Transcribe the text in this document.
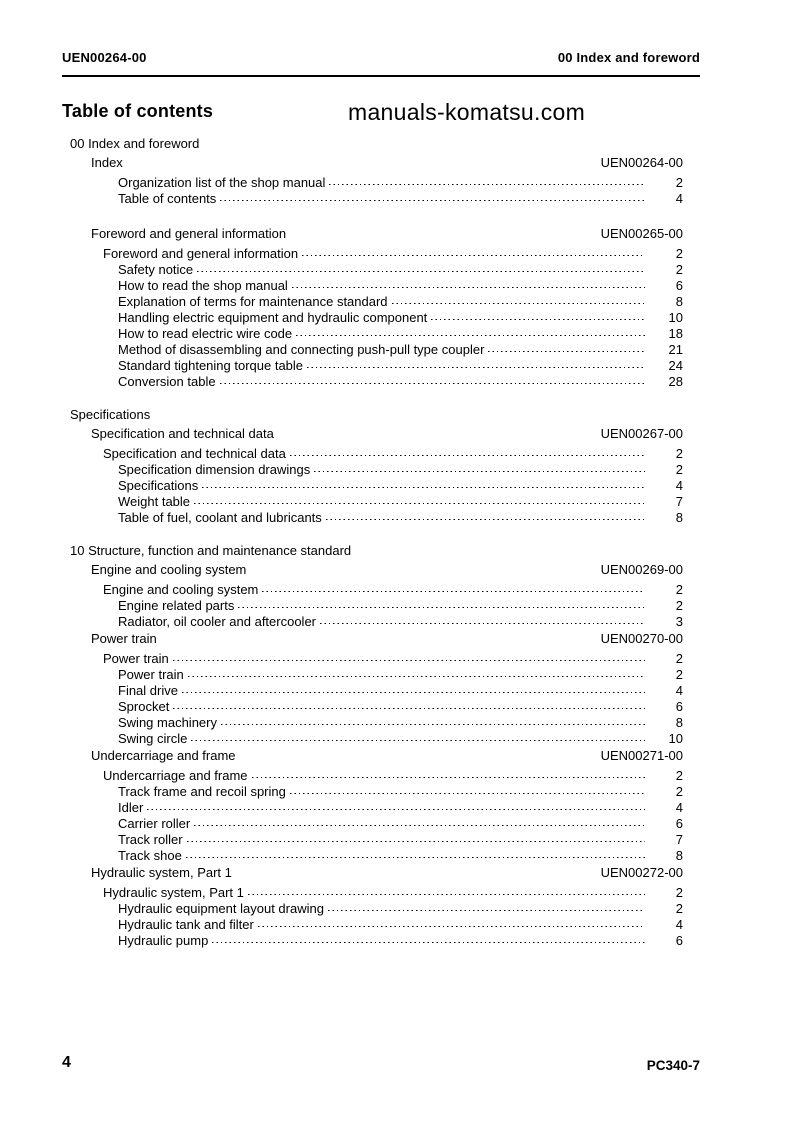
UEN00264-00	00 Index and foreword
Table of contents	manuals-komatsu.com
00 Index and foreword
Index	UEN00264-00
Organization list of the shop manual	2
Table of contents	4
Foreword and general information	UEN00265-00
Foreword and general information	2
Safety notice	2
How to read the shop manual	6
Explanation of terms for maintenance standard	8
Handling electric equipment and hydraulic component	10
How to read electric wire code	18
Method of disassembling and connecting push-pull type coupler	21
Standard tightening torque table	24
Conversion table	28
Specifications
Specification and technical data	UEN00267-00
Specification and technical data	2
Specification dimension drawings	2
Specifications	4
Weight table	7
Table of fuel, coolant and lubricants	8
10 Structure, function and maintenance standard
Engine and cooling system	UEN00269-00
Engine and cooling system	2
Engine related parts	2
Radiator, oil cooler and aftercooler	3
Power train	UEN00270-00
Power train	2
Power train	2
Final drive	4
Sprocket	6
Swing machinery	8
Swing circle	10
Undercarriage and frame	UEN00271-00
Undercarriage and frame	2
Track frame and recoil spring	2
Idler	4
Carrier roller	6
Track roller	7
Track shoe	8
Hydraulic system, Part 1	UEN00272-00
Hydraulic system, Part 1	2
Hydraulic equipment layout drawing	2
Hydraulic tank and filter	4
Hydraulic pump	6
4	PC340-7
